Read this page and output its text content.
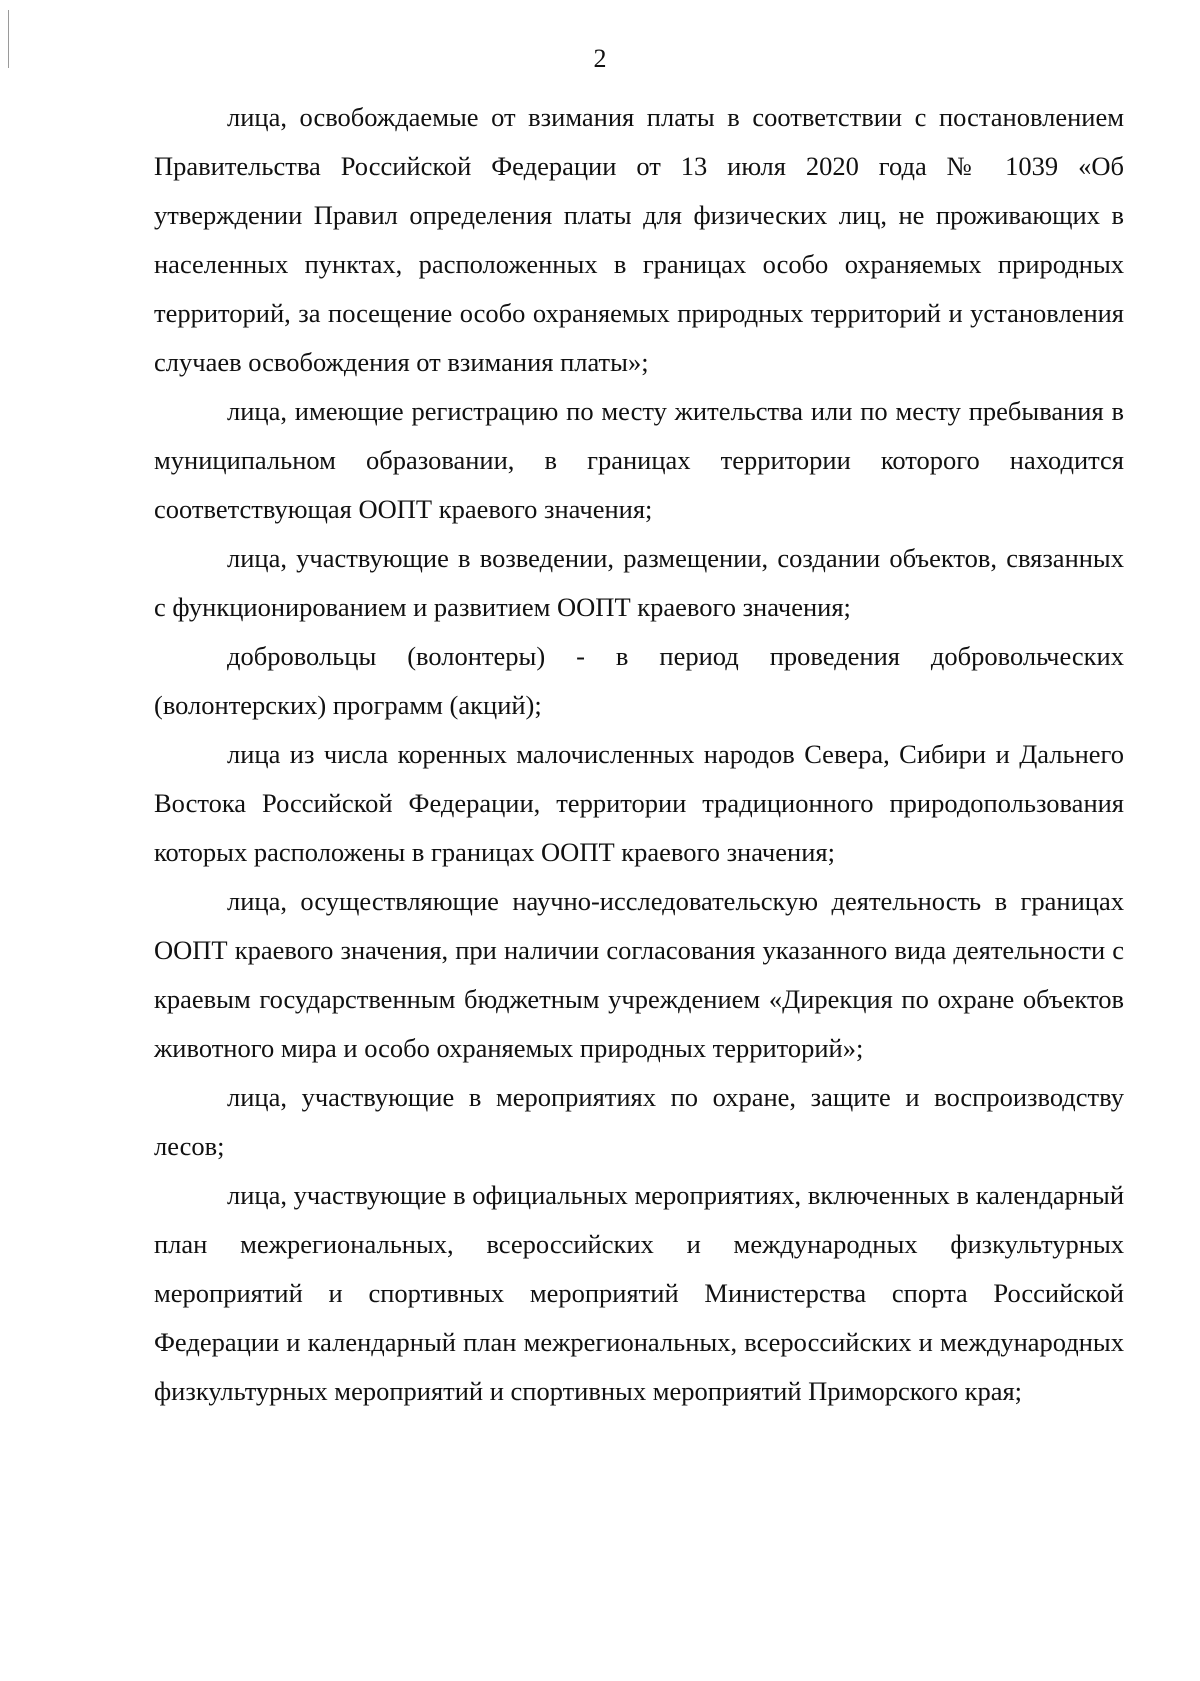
2

лица, освобождаемые от взимания платы в соответствии с постановлением Правительства Российской Федерации от 13 июля 2020 года № 1039 «Об утверждении Правил определения платы для физических лиц, не проживающих в населенных пунктах, расположенных в границах особо охраняемых природных территорий, за посещение особо охраняемых природных территорий и установления случаев освобождения от взимания платы»;

лица, имеющие регистрацию по месту жительства или по месту пребывания в муниципальном образовании, в границах территории которого находится соответствующая ООПТ краевого значения;

лица, участвующие в возведении, размещении, создании объектов, связанных с функционированием и развитием ООПТ краевого значения;

добровольцы (волонтеры) - в период проведения добровольческих (волонтерских) программ (акций);

лица из числа коренных малочисленных народов Севера, Сибири и Дальнего Востока Российской Федерации, территории традиционного природопользования которых расположены в границах ООПТ краевого значения;

лица, осуществляющие научно-исследовательскую деятельность в границах ООПТ краевого значения, при наличии согласования указанного вида деятельности с краевым государственным бюджетным учреждением «Дирекция по охране объектов животного мира и особо охраняемых природных территорий»;

лица, участвующие в мероприятиях по охране, защите и воспроизводству лесов;

лица, участвующие в официальных мероприятиях, включенных в календарный план межрегиональных, всероссийских и международных физкультурных мероприятий и спортивных мероприятий Министерства спорта Российской Федерации и календарный план межрегиональных, всероссийских и международных физкультурных мероприятий и спортивных мероприятий Приморского края;
